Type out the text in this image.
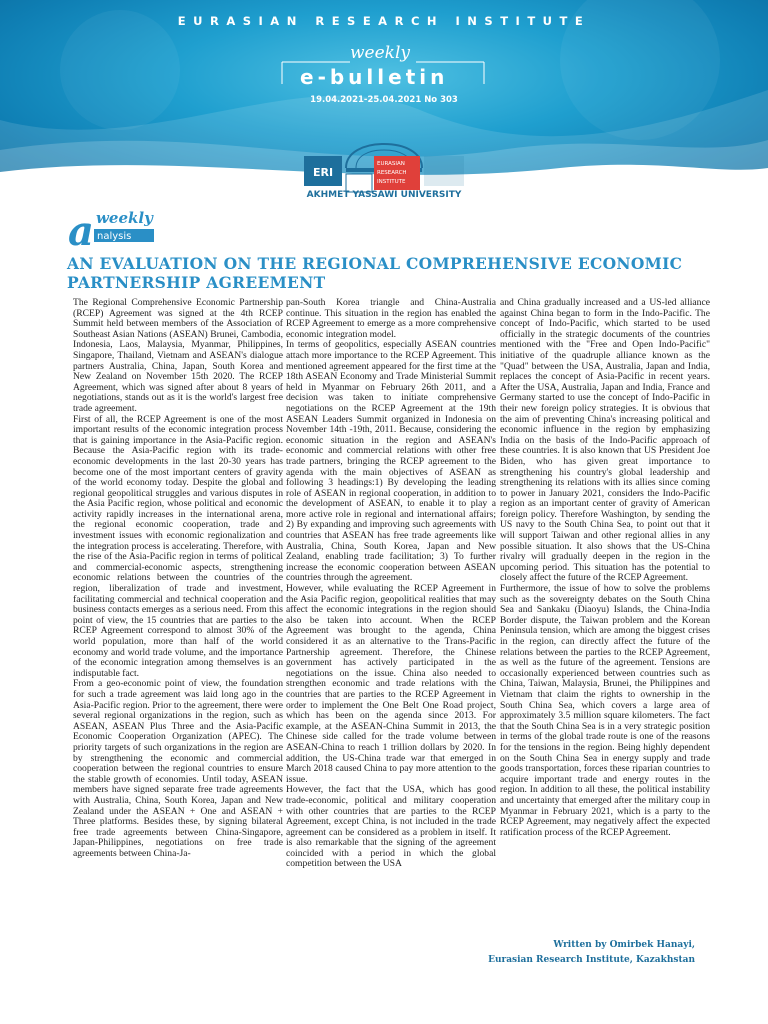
EURASIAN RESEARCH INSTITUTE
weekly
e-bulletin
19.04.2021-25.04.2021 No 303
ERI
EURASIAN
RESEARCH
INSTITUTE
AKHMET YASSAWI UNIVERSITY
a weekly
nalysis
AN EVALUATION ON THE REGIONAL COMPREHENSIVE ECONOMIC PARTNERSHIP AGREEMENT

The Regional Comprehensive Economic Partnership (RCEP) Agreement was signed at the 4th RCEP Summit held between members of the Association of Southeast Asian Nations (ASEAN) Brunei, Cambodia, Indonesia, Laos, Malaysia, Myanmar, Philippines, Singapore, Thailand, Vietnam and ASEAN's dialogue partners Australia, China, Japan, South Korea and New Zealand on November 15th 2020. The RCEP Agreement, which was signed after about 8 years of negotiations, stands out as it is the world's largest free trade agreement.

First of all, the RCEP Agreement is one of the most important results of the economic integration process that is gaining importance in the Asia-Pacific region. Because the Asia-Pacific region with its trade-economic developments in the last 20-30 years has become one of the most important centers of gravity of the world economy today. Despite the global and regional geopolitical struggles and various disputes in the Asia Pacific region, whose political and economic activity rapidly increases in the international arena, the regional economic cooperation, trade and investment issues with economic regionalization and the integration process is accelerating. Therefore, with the rise of the Asia-Pacific region in terms of political and commercial-economic aspects, strengthening economic relations between the countries of the region, liberalization of trade and investment, facilitating commercial and technical cooperation and business contacts emerges as a serious need. From this point of view, the 15 countries that are parties to the RCEP Agreement correspond to almost 30% of the world population, more than half of the world economy and world trade volume, and the importance of the economic integration among themselves is an indisputable fact.

From a geo-economic point of view, the foundation for such a trade agreement was laid long ago in the Asia-Pacific region. Prior to the agreement, there were several regional organizations in the region, such as ASEAN, ASEAN Plus Three and the Asia-Pacific Economic Cooperation Organization (APEC). The priority targets of such organizations in the region are by strengthening the economic and commercial cooperation between the regional countries to ensure the stable growth of economies. Until today, ASEAN members have signed separate free trade agreements with Australia, China, South Korea, Japan and New Zealand under the ASEAN + One and ASEAN + Three platforms. Besides these, by signing bilateral free trade agreements between China-Singapore, Japan-Philippines, negotiations on free trade agreements between China-Ja-

pan-South Korea triangle and China-Australia continue. This situation in the region has enabled the RCEP Agreement to emerge as a more comprehensive economic integration model.

In terms of geopolitics, especially ASEAN countries attach more importance to the RCEP Agreement. This mentioned agreement appeared for the first time at the 18th ASEAN Economy and Trade Ministerial Summit held in Myanmar on February 26th 2011, and a decision was taken to initiate comprehensive negotiations on the RCEP Agreement at the 19th ASEAN Leaders Summit organized in Indonesia on November 14th -19th, 2011. Because, considering the economic situation in the region and ASEAN's economic and commercial relations with other free trade partners, bringing the RCEP agreement to the agenda with the main objectives of ASEAN as following 3 headings:1) By developing the leading role of ASEAN in regional cooperation, in addition to the development of ASEAN, to enable it to play a more active role in regional and international affairs; 2) By expanding and improving such agreements with countries that ASEAN has free trade agreements like Australia, China, South Korea, Japan and New Zealand, enabling trade facilitation; 3) To further increase the economic cooperation between ASEAN countries through the agreement.

However, while evaluating the RCEP Agreement in the Asia Pacific region, geopolitical realities that may affect the economic integrations in the region should also be taken into account. When the RCEP Agreement was brought to the agenda, China considered it as an alternative to the Trans-Pacific Partnership agreement. Therefore, the Chinese government has actively participated in the negotiations on the issue. China also needed to strengthen economic and trade relations with the countries that are parties to the RCEP Agreement in order to implement the One Belt One Road project, which has been on the agenda since 2013. For example, at the ASEAN-China Summit in 2013, the Chinese side called for the trade volume between ASEAN-China to reach 1 trillion dollars by 2020. In addition, the US-China trade war that emerged in March 2018 caused China to pay more attention to the issue.

However, the fact that the USA, which has good trade-economic, political and military cooperation with other countries that are parties to the RCEP Agreement, except China, is not included in the trade agreement can be considered as a problem in itself. It is also remarkable that the signing of the agreement coincided with a period in which the global competition between the USA

and China gradually increased and a US-led alliance against China began to form in the Indo-Pacific. The concept of Indo-Pacific, which started to be used officially in the strategic documents of the countries mentioned with the "Free and Open Indo-Pacific" initiative of the quadruple alliance known as the "Quad" between the USA, Australia, Japan and India, replaces the concept of Asia-Pacific in recent years. After the USA, Australia, Japan and India, France and Germany started to use the concept of Indo-Pacific in their new foreign policy strategies. It is obvious that the aim of preventing China's increasing political and economic influence in the region by emphasizing India on the basis of the Indo-Pacific approach of these countries. It is also known that US President Joe Biden, who has given great importance to strengthening his country's global leadership and strengthening its relations with its allies since coming to power in January 2021, considers the Indo-Pacific region as an important center of gravity of American foreign policy. Therefore Washington, by sending the US navy to the South China Sea, to point out that it will support Taiwan and other regional allies in any possible situation. It also shows that the US-China rivalry will gradually deepen in the region in the upcoming period. This situation has the potential to closely affect the future of the RCEP Agreement.

Furthermore, the issue of how to solve the problems such as the sovereignty debates on the South China Sea and Sankaku (Diaoyu) Islands, the China-India Border dispute, the Taiwan problem and the Korean Peninsula tension, which are among the biggest crises in the region, can directly affect the future of the relations between the parties to the RCEP Agreement, as well as the future of the agreement. Tensions are occasionally experienced between countries such as China, Taiwan, Malaysia, Brunei, the Philippines and Vietnam that claim the rights to ownership in the South China Sea, which covers a large area of approximately 3.5 million square kilometers. The fact that the South China Sea is in a very strategic position in terms of the global trade route is one of the reasons for the tensions in the region. Being highly dependent on the South China Sea in energy supply and trade goods transportation, forces these riparian countries to acquire important trade and energy routes in the region. In addition to all these, the political instability and uncertainty that emerged after the military coup in Myanmar in February 2021, which is a party to the RCEP Agreement, may negatively affect the expected ratification process of the RCEP Agreement.

Written by Omirbek Hanayi,
Eurasian Research Institute, Kazakhstan
